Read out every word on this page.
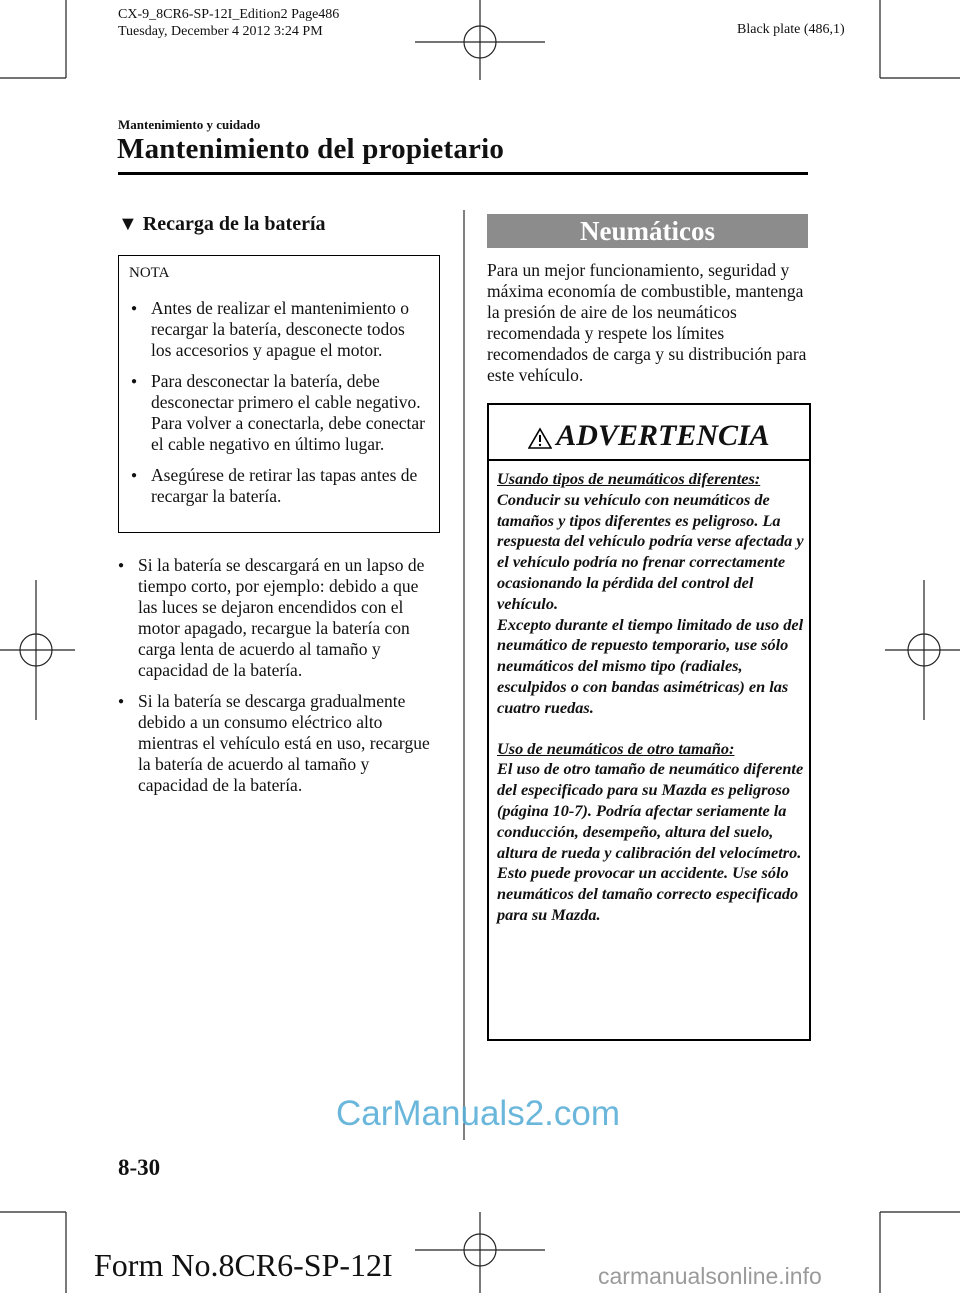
CX-9_8CR6-SP-12I_Edition2 Page486
Tuesday, December 4 2012 3:24 PM	Black plate (486,1)
Mantenimiento y cuidado
Mantenimiento del propietario
▼ Recarga de la batería
NOTA
● Antes de realizar el mantenimiento o recargar la batería, desconecte todos los accesorios y apague el motor.
● Para desconectar la batería, debe desconectar primero el cable negativo. Para volver a conectarla, debe conectar el cable negativo en último lugar.
● Asegúrese de retirar las tapas antes de recargar la batería.
● Si la batería se descargará en un lapso de tiempo corto, por ejemplo: debido a que las luces se dejaron encendidos con el motor apagado, recargue la batería con carga lenta de acuerdo al tamaño y capacidad de la batería.
● Si la batería se descarga gradualmente debido a un consumo eléctrico alto mientras el vehículo está en uso, recargue la batería de acuerdo al tamaño y capacidad de la batería.
Neumáticos
Para un mejor funcionamiento, seguridad y máxima economía de combustible, mantenga la presión de aire de los neumáticos recomendada y respete los límites recomendados de carga y su distribución para este vehículo.
ADVERTENCIA
Usando tipos de neumáticos diferentes:
Conducir su vehículo con neumáticos de tamaños y tipos diferentes es peligroso. La respuesta del vehículo podría verse afectada y el vehículo podría no frenar correctamente ocasionando la pérdida del control del vehículo.
Excepto durante el tiempo limitado de uso del neumático de repuesto temporario, use sólo neumáticos del mismo tipo (radiales, esculpidos o con bandas asimétricas) en las cuatro ruedas.
Uso de neumáticos de otro tamaño:
El uso de otro tamaño de neumático diferente del especificado para su Mazda es peligroso (página 10-7). Podría afectar seriamente la conducción, desempeño, altura del suelo, altura de rueda y calibración del velocímetro. Esto puede provocar un accidente. Use sólo neumáticos del tamaño correcto especificado para su Mazda.
CarManuals2.com
8-30
Form No.8CR6-SP-12I	carmanualsonline.info
